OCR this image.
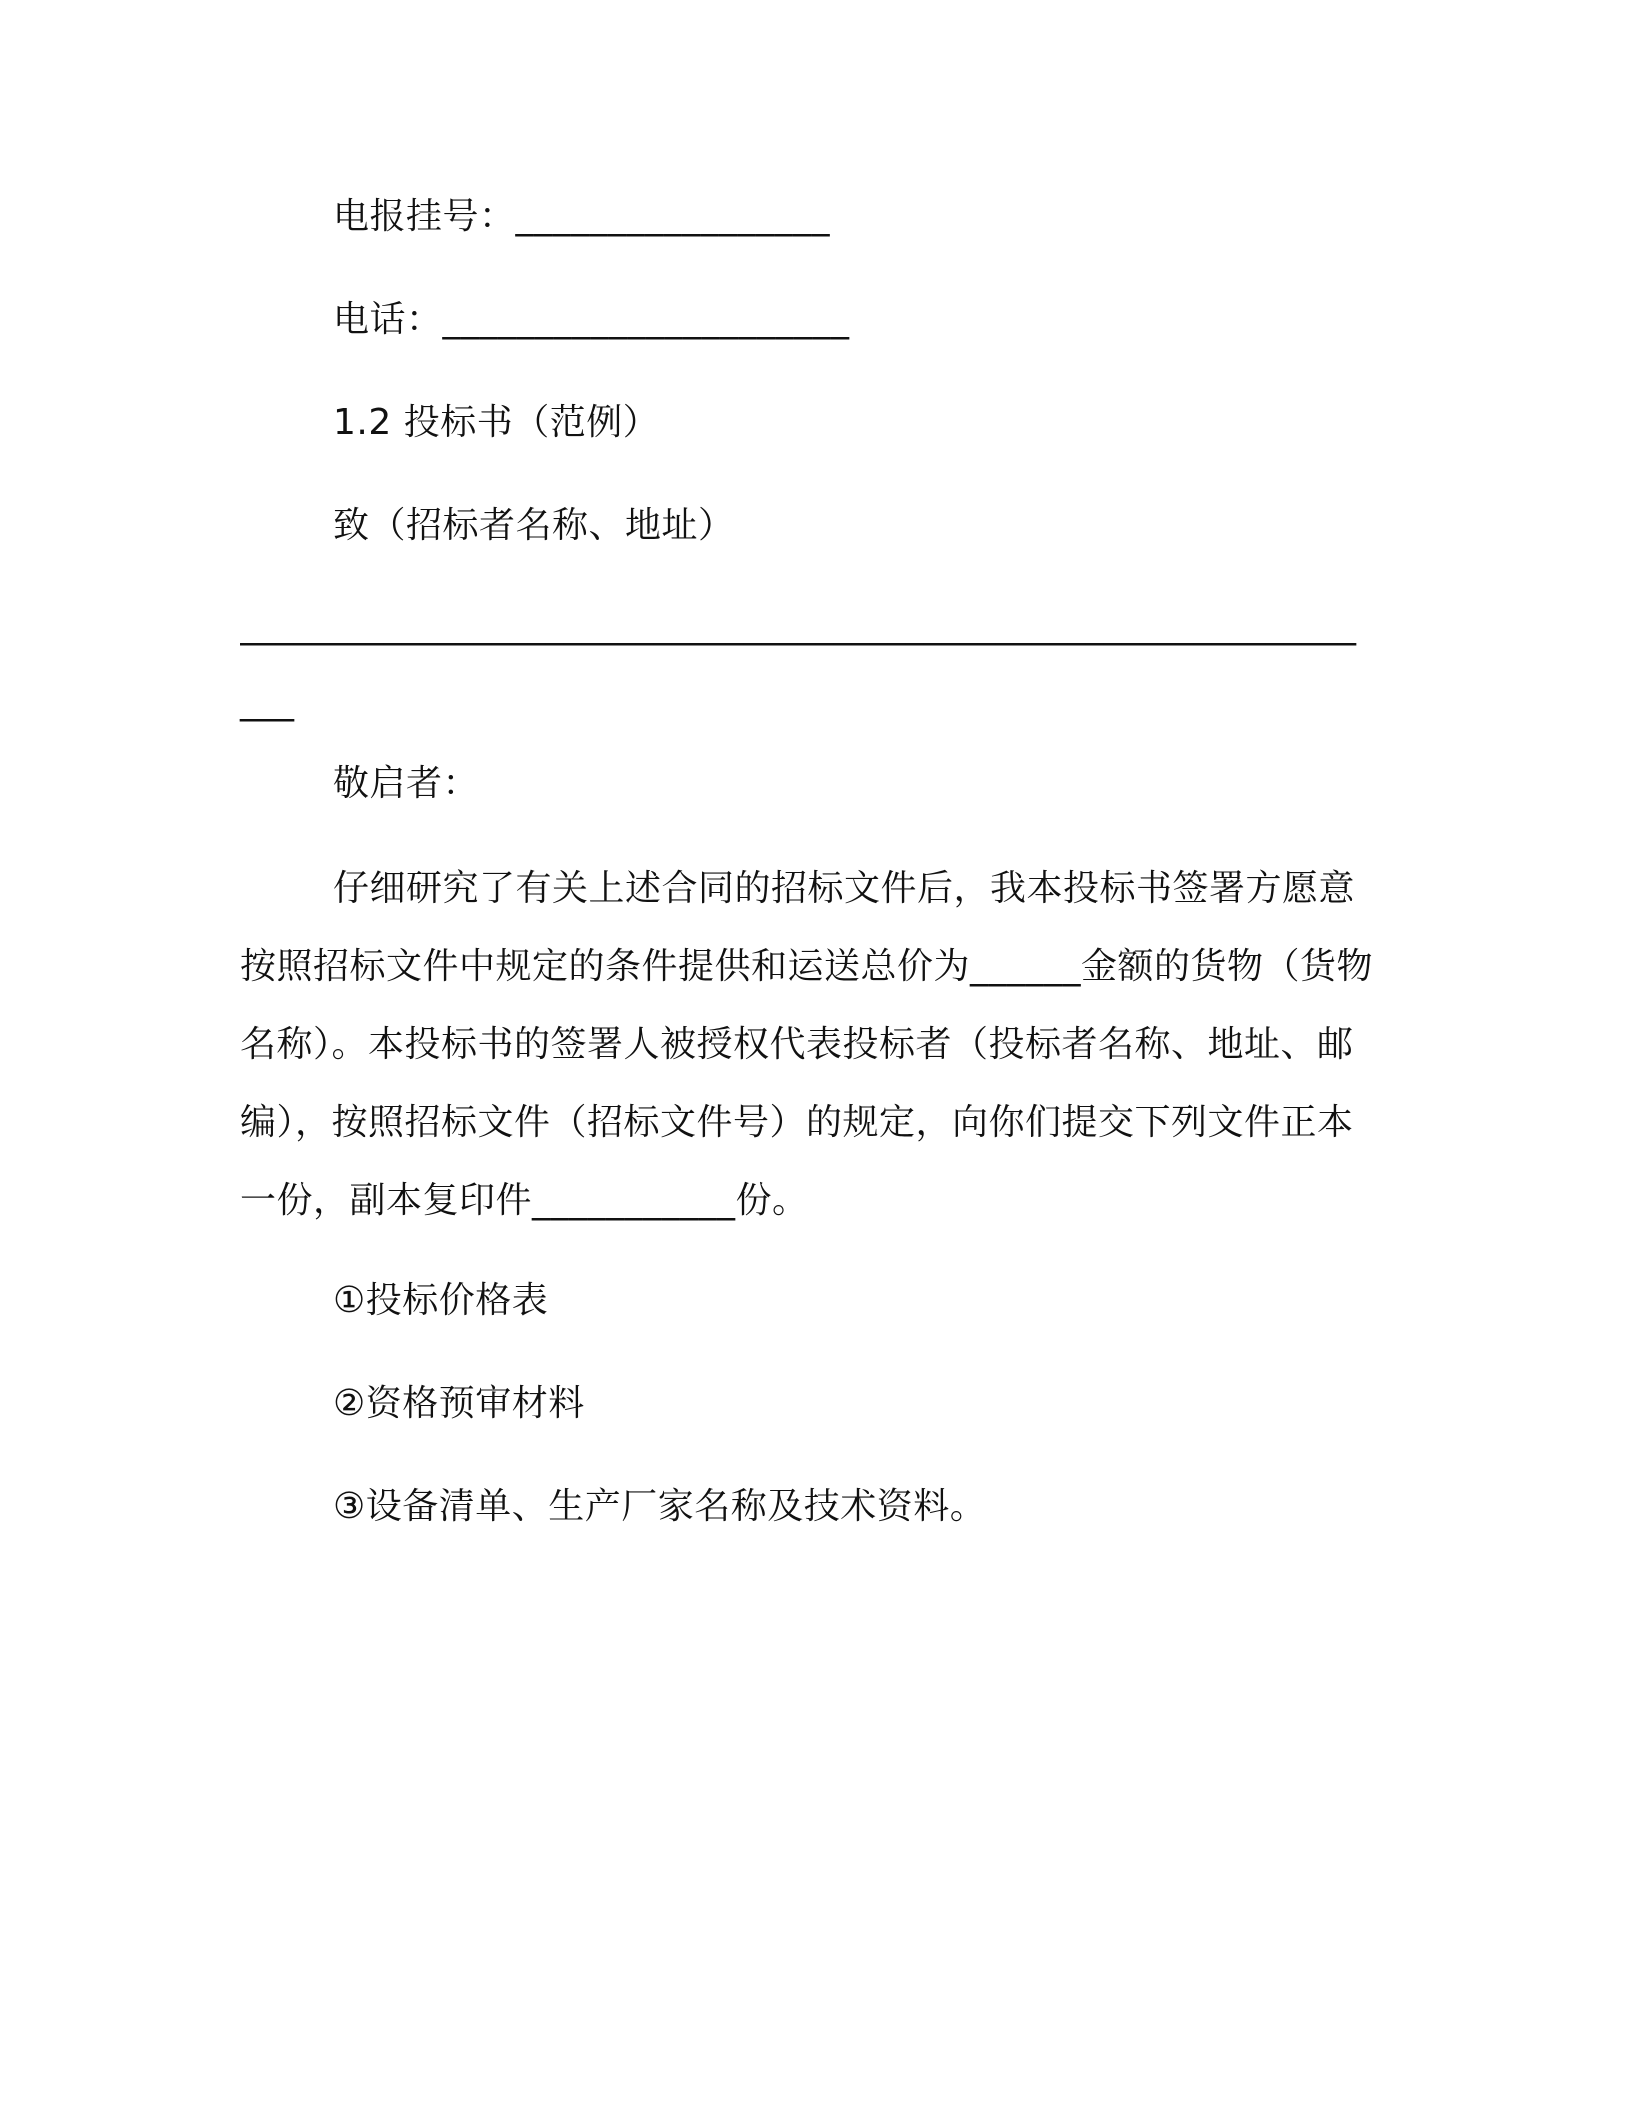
电报挂号：_________________
电话：______________________
1.2 投标书（范例）
致（招标者名称、地址）
______________________________________________________________
___
敬启者：
仔细研究了有关上述合同的招标文件后，我本投标书签署方愿意按照招标文件中规定的条件提供和运送总价为______金额的货物（货物名称）。本投标书的签署人被授权代表投标者（投标者名称、地址、邮编），按照招标文件（招标文件号）的规定，向你们提交下列文件正本一份，副本复印件___________份。
①投标价格表
②资格预审材料
③设备清单、生产厂家名称及技术资料。
